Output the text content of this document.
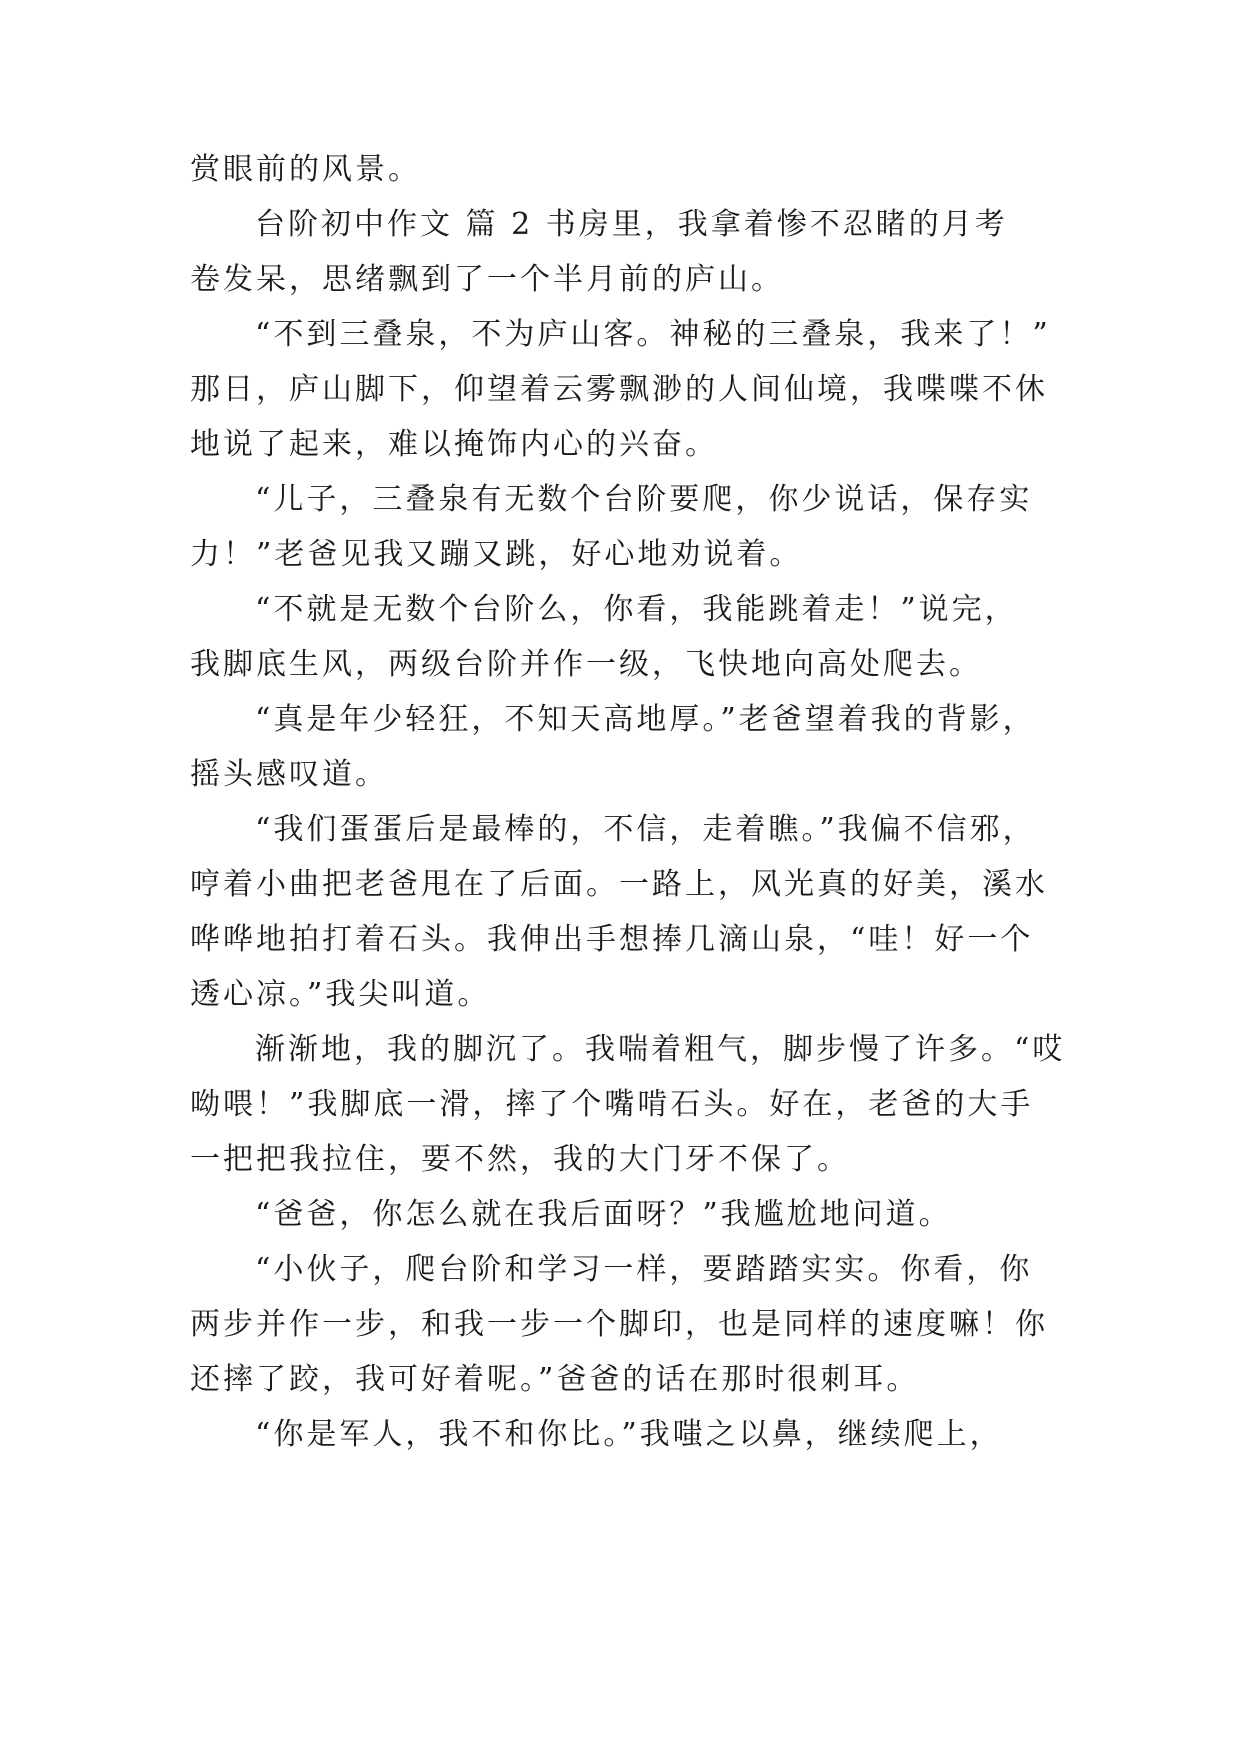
赏眼前的风景。
台阶初中作文 篇 2 书房里，我拿着惨不忍睹的月考
卷发呆，思绪飘到了一个半月前的庐山。
“不到三叠泉，不为庐山客。神秘的三叠泉，我来了！”
那日，庐山脚下，仰望着云雾飘渺的人间仙境，我喋喋不休
地说了起来，难以掩饰内心的兴奋。
“儿子，三叠泉有无数个台阶要爬，你少说话，保存实
力！”老爸见我又蹦又跳，好心地劝说着。
“不就是无数个台阶么，你看，我能跳着走！”说完，
我脚底生风，两级台阶并作一级，飞快地向高处爬去。
“真是年少轻狂，不知天高地厚。”老爸望着我的背影，
摇头感叹道。
“我们蛋蛋后是最棒的，不信，走着瞧。”我偏不信邪，
哼着小曲把老爸甩在了后面。一路上，风光真的好美，溪水
哗哗地拍打着石头。我伸出手想捧几滴山泉，“哇！好一个
透心凉。”我尖叫道。
渐渐地，我的脚沉了。我喘着粗气，脚步慢了许多。“哎
呦喂！”我脚底一滑，摔了个嘴啃石头。好在，老爸的大手
一把把我拉住，要不然，我的大门牙不保了。
“爸爸，你怎么就在我后面呀？”我尴尬地问道。
“小伙子，爬台阶和学习一样，要踏踏实实。你看，你
两步并作一步，和我一步一个脚印，也是同样的速度嘛！你
还摔了跤，我可好着呢。”爸爸的话在那时很刺耳。
“你是军人，我不和你比。”我嗤之以鼻，继续爬上，
